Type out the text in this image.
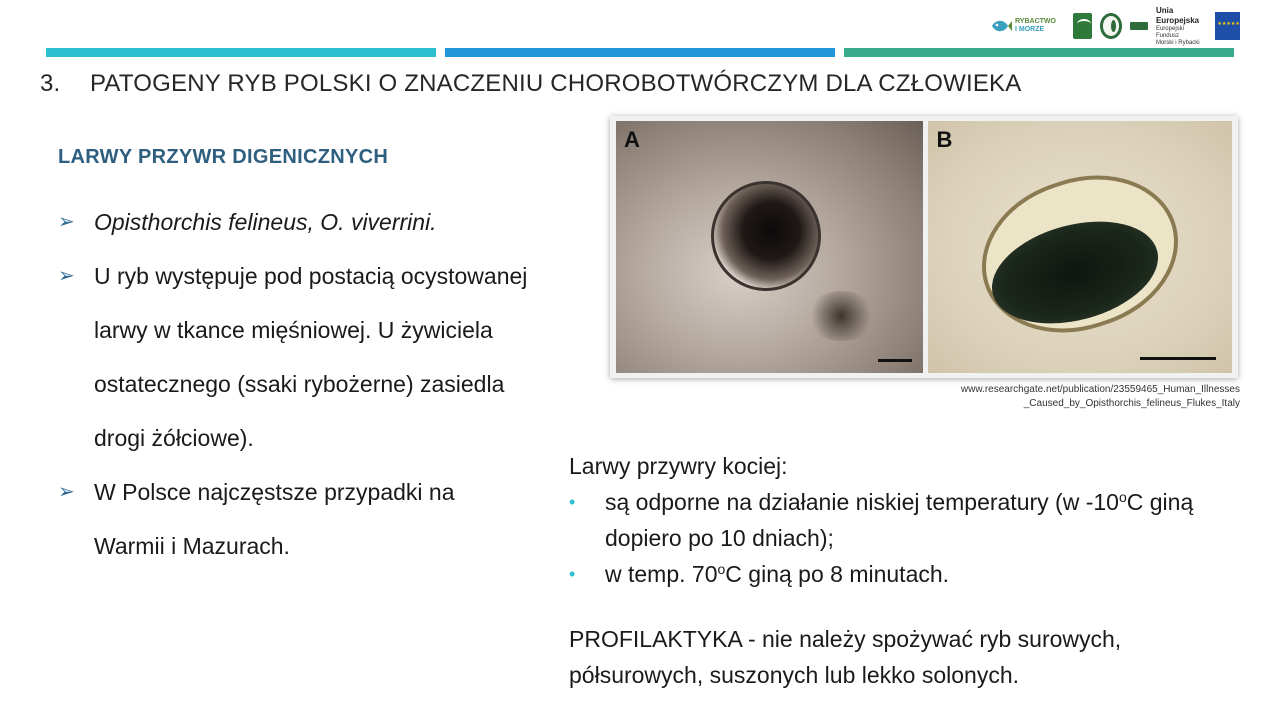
RYBACTWO
I MORZE
Unia Europejska
Europejski Fundusz
Morski i Rybacki
★★★★★
3. PATOGENY RYB POLSKI O ZNACZENIU CHOROBOTWÓRCZYM DLA CZŁOWIEKA
LARWY PRZYWR DIGENICZNYCH
➢ Opisthorchis felineus, O. viverrini.
➢ U ryb występuje pod postacią ocystowanej larwy w tkance mięśniowej. U żywiciela ostatecznego (ssaki rybożerne) zasiedla drogi żółciowe).
➢ W Polsce najczęstsze przypadki na Warmii i Mazurach.
A	B
www.researchgate.net/publication/23559465_Human_Illnesses
_Caused_by_Opisthorchis_felineus_Flukes_Italy
Larwy przywry kociej:
• są odporne na działanie niskiej temperatury (w -10$^o$C giną dopiero po 10 dniach);
• w temp. 70$^o$C giną po 8 minutach.
PROFILAKTYKA - nie należy spożywać ryb surowych, półsurowych, suszonych lub lekko solonych.
